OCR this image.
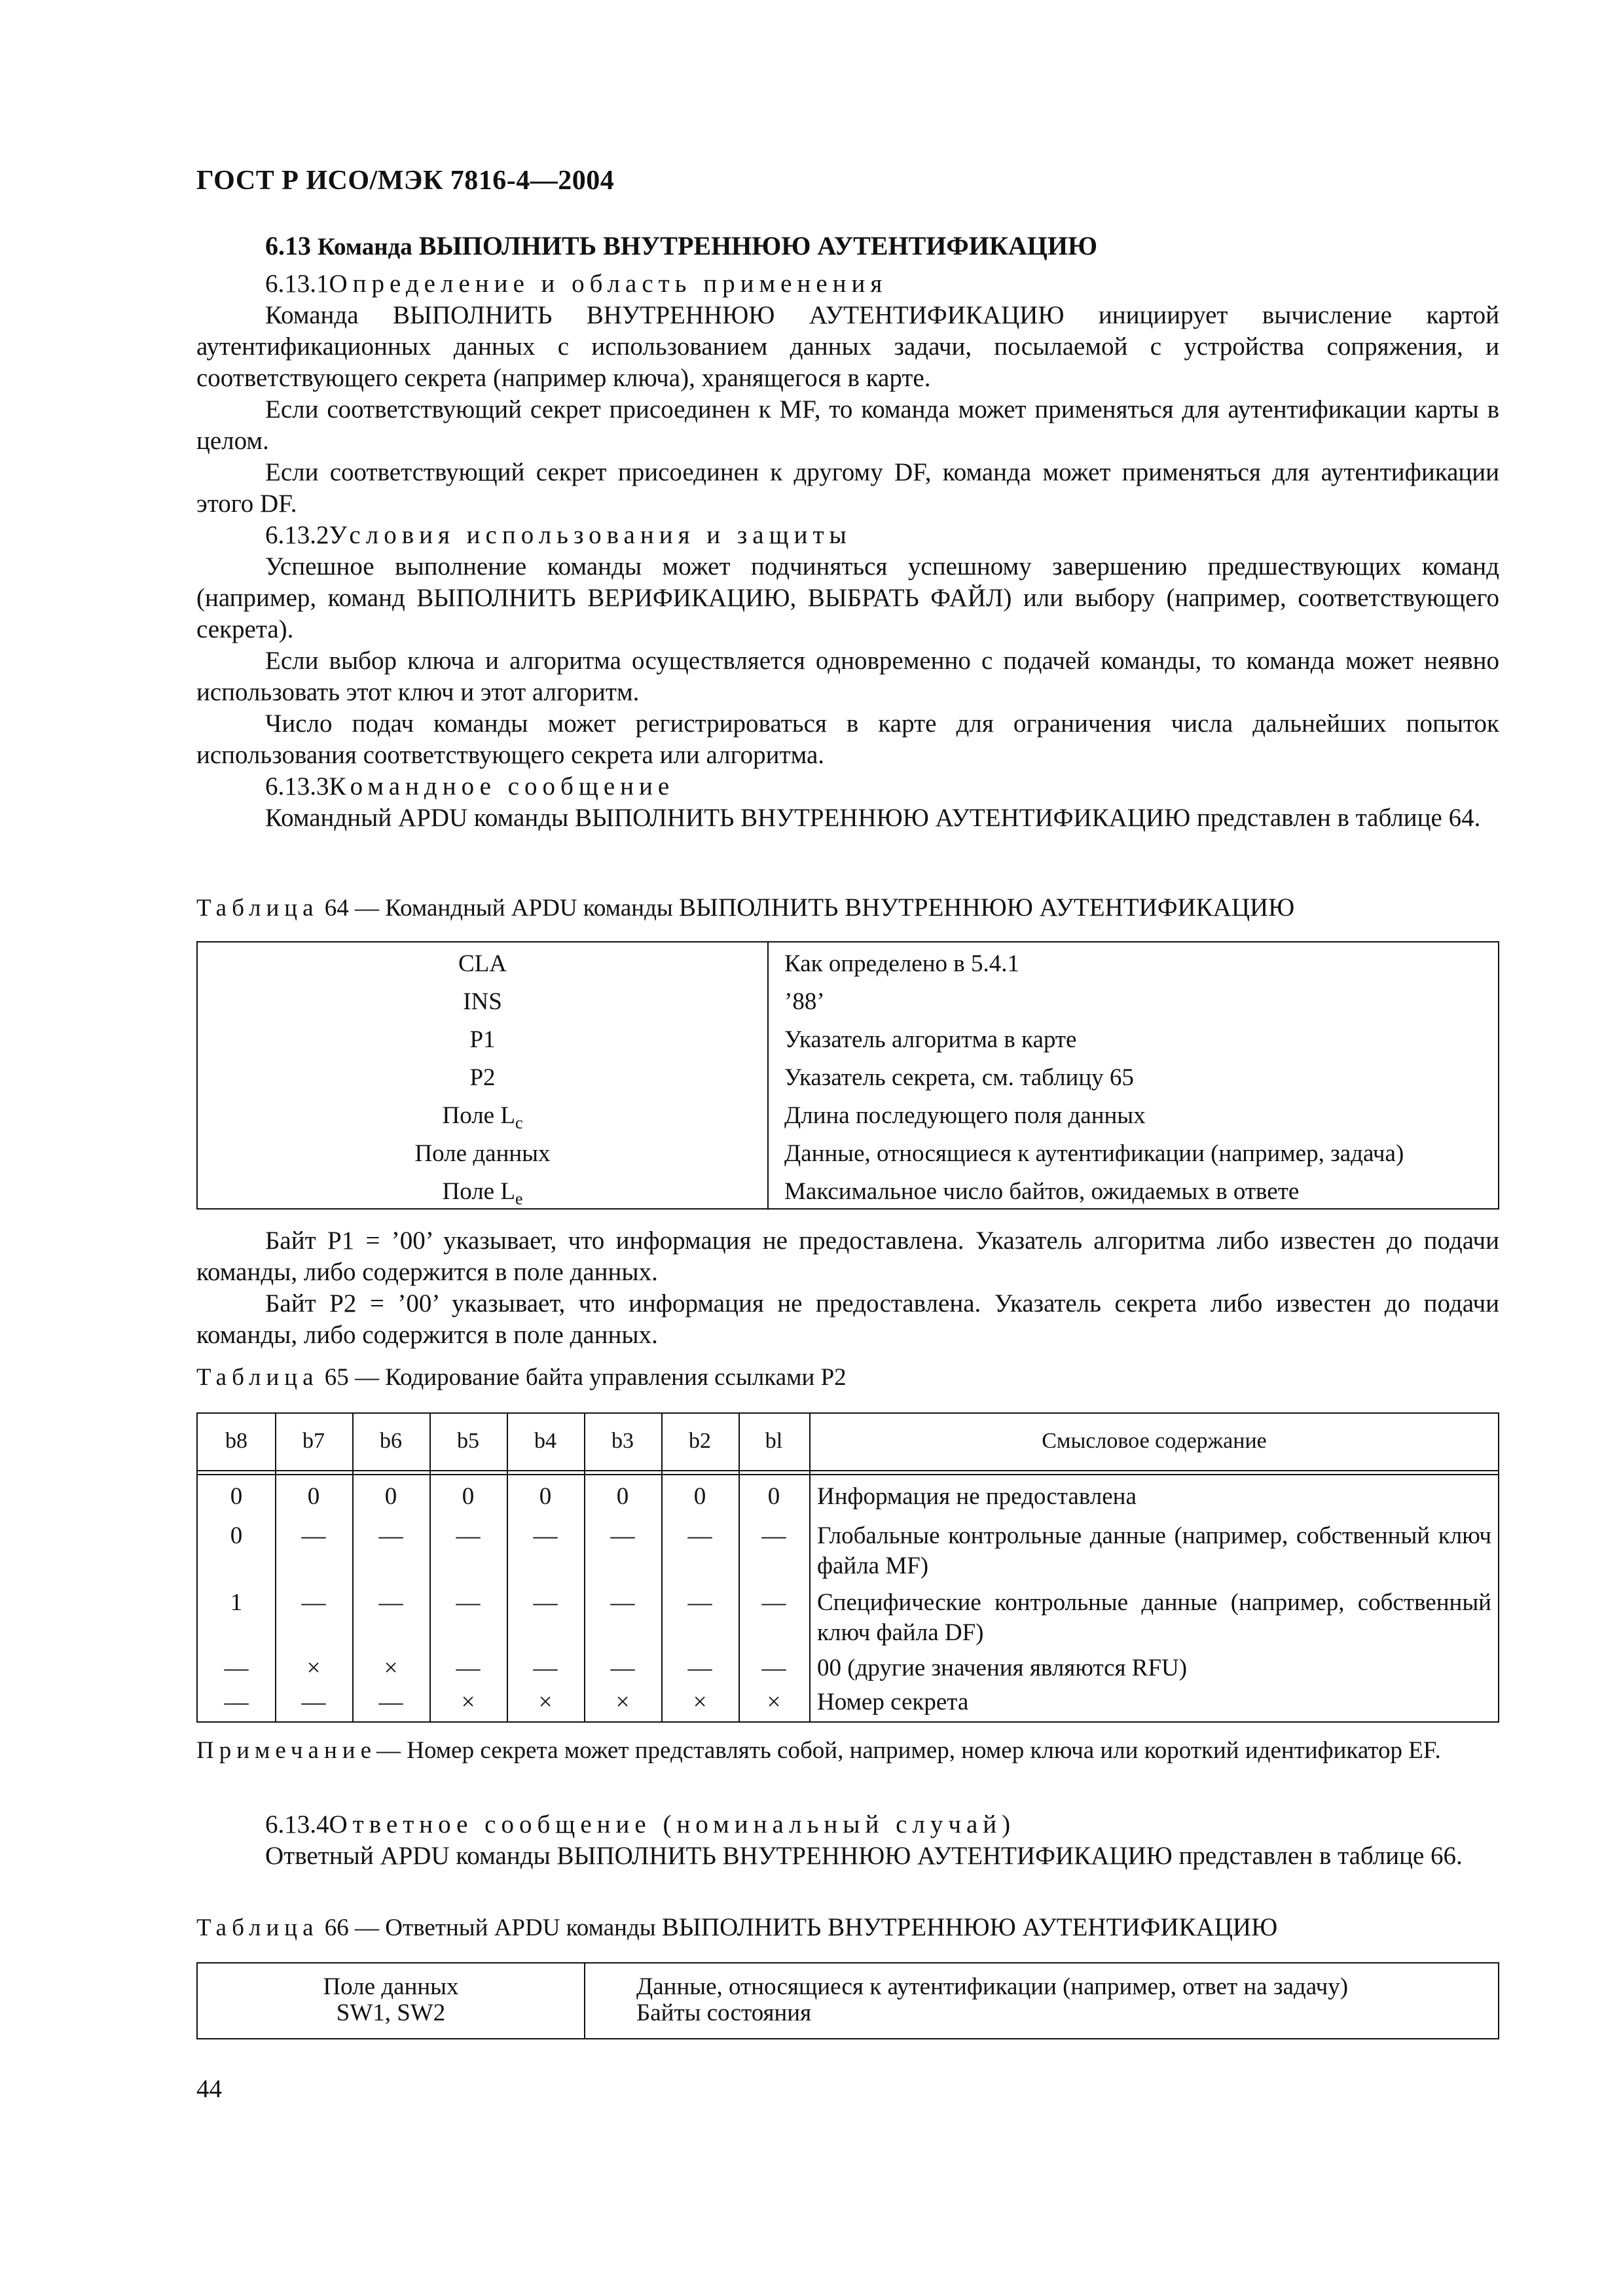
ГОСТ Р ИСО/МЭК 7816-4—2004
6.13 Команда ВЫПОЛНИТЬ ВНУТРЕННЮЮ АУТЕНТИФИКАЦИЮ
6.13.1Определение и область применения
Команда ВЫПОЛНИТЬ ВНУТРЕННЮЮ АУТЕНТИФИКАЦИЮ инициирует вычисление картой аутентификационных данных с использованием данных задачи, посылаемой с устройства сопряжения, и соответствующего секрета (например ключа), хранящегося в карте.
Если соответствующий секрет присоединен к MF, то команда может применяться для аутентификации карты в целом.
Если соответствующий секрет присоединен к другому DF, команда может применяться для аутентификации этого DF.
6.13.2Условия использования и защиты
Успешное выполнение команды может подчиняться успешному завершению предшествующих команд (например, команд ВЫПОЛНИТЬ ВЕРИФИКАЦИЮ, ВЫБРАТЬ ФАЙЛ) или выбору (например, соответствующего секрета).
Если выбор ключа и алгоритма осуществляется одновременно с подачей команды, то команда может неявно использовать этот ключ и этот алгоритм.
Число подач команды может регистрироваться в карте для ограничения числа дальнейших попыток использования соответствующего секрета или алгоритма.
6.13.3Командное сообщение
Командный APDU команды ВЫПОЛНИТЬ ВНУТРЕННЮЮ АУТЕНТИФИКАЦИЮ представлен в таблице 64.
Таблица 64 — Командный APDU команды ВЫПОЛНИТЬ ВНУТРЕННЮЮ АУТЕНТИФИКАЦИЮ
CLA	Как определено в 5.4.1
INS	’88’
P1	Указатель алгоритма в карте
P2	Указатель секрета, см. таблицу 65
Поле $L_c$	Длина последующего поля данных
Поле данных	Данные, относящиеся к аутентификации (например, задача)
Поле $L_e$	Максимальное число байтов, ожидаемых в ответе
Байт P1 = ’00’ указывает, что информация не предоставлена. Указатель алгоритма либо известен до подачи команды, либо содержится в поле данных.
Байт P2 = ’00’ указывает, что информация не предоставлена. Указатель секрета либо известен до подачи команды, либо содержится в поле данных.
Таблица 65 — Кодирование байта управления ссылками P2
b8	b7	b6	b5	b4	b3	b2	bl	Смысловое содержание
0	0	0	0	0	0	0	0	Информация не предоставлена
0	—	—	—	—	—	—	—	Глобальные контрольные данные (например, собственный ключ файла MF)
1	—	—	—	—	—	—	—	Специфические контрольные данные (например, собственный ключ файла DF)
—	×	×	—	—	—	—	—	00 (другие значения являются RFU)
—	—	—	×	×	×	×	×	Номер секрета
Примечание— Номер секрета может представлять собой, например, номер ключа или короткий идентификатор EF.
6.13.4Ответное сообщение (номинальный случай)
Ответный APDU команды ВЫПОЛНИТЬ ВНУТРЕННЮЮ АУТЕНТИФИКАЦИЮ представлен в таблице 66.
Таблица 66 — Ответный APDU команды ВЫПОЛНИТЬ ВНУТРЕННЮЮ АУТЕНТИФИКАЦИЮ
Поле данных	Данные, относящиеся к аутентификации (например, ответ на задачу)
SW1, SW2	Байты состояния
44
